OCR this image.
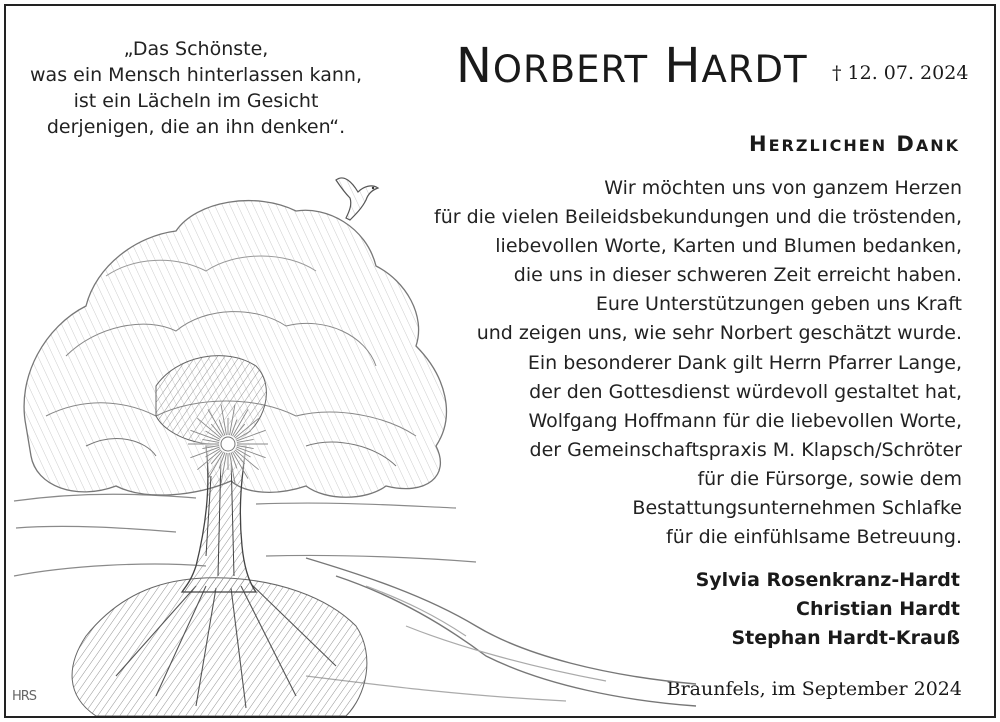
„Das Schönste,
was ein Mensch hinterlassen kann,
ist ein Lächeln im Gesicht
derjenigen, die an ihn denken“.
NORBERT HARDT † 12. 07. 2024
HERZLICHEN DANK
Wir möchten uns von ganzem Herzen
für die vielen Beileidsbekundungen und die tröstenden,
liebevollen Worte, Karten und Blumen bedanken,
die uns in dieser schweren Zeit erreicht haben.
Eure Unterstützungen geben uns Kraft
und zeigen uns, wie sehr Norbert geschätzt wurde.
Ein besonderer Dank gilt Herrn Pfarrer Lange,
der den Gottesdienst würdevoll gestaltet hat,
Wolfgang Hoffmann für die liebevollen Worte,
der Gemeinschaftspraxis M. Klapsch/Schröter
für die Fürsorge, sowie dem
Bestattungsunternehmen Schlafke
für die einfühlsame Betreuung.
Sylvia Rosenkranz-Hardt
Christian Hardt
Stephan Hardt-Krauß
Braunfels, im September 2024
HRS
